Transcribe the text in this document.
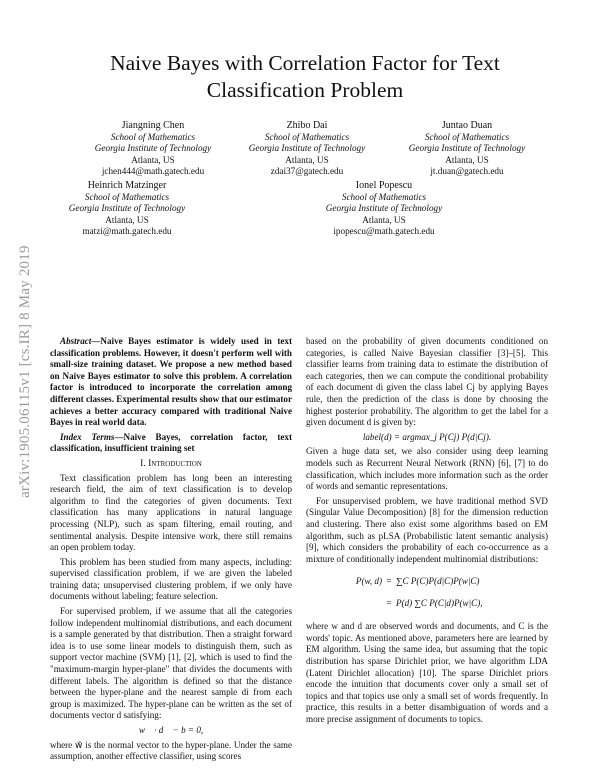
arXiv:1905.06115v1 [cs.IR] 8 May 2019
Naive Bayes with Correlation Factor for Text Classification Problem
Jiangning Chen
School of Mathematics
Georgia Institute of Technology
Atlanta, US
jchen444@math.gatech.edu
Zhibo Dai
School of Mathematics
Georgia Institute of Technology
Atlanta, US
zdai37@gatech.edu
Juntao Duan
School of Mathematics
Georgia Institute of Technology
Atlanta, US
jt.duan@gatech.edu
Heinrich Matzinger
School of Mathematics
Georgia Institute of Technology
Atlanta, US
matzi@math.gatech.edu
Ionel Popescu
School of Mathematics
Georgia Institute of Technology
Atlanta, US
ipopescu@math.gatech.edu

Abstract—Naive Bayes estimator is widely used in text classification problems. However, it doesn't perform well with small-size training dataset. We propose a new method based on Naive Bayes estimator to solve this problem. A correlation factor is introduced to incorporate the correlation among different classes. Experimental results show that our estimator achieves a better accuracy compared with traditional Naive Bayes in real world data.

Index Terms—Naive Bayes, correlation factor, text classification, insufficient training set

I. Introduction

Text classification problem has long been an interesting research field, the aim of text classification is to develop algorithm to find the categories of given documents. Text classification has many applications in natural language processing (NLP), such as spam filtering, email routing, and sentimental analysis. Despite intensive work, there still remains an open problem today.

This problem has been studied from many aspects, including: supervised classification problem, if we are given the labeled training data; unsupervised clustering problem, if we only have documents without labeling; feature selection.

For supervised problem, if we assume that all the categories follow independent multinomial distributions, and each document is a sample generated by that distribution. Then a straight forward idea is to use some linear models to distinguish them, such as support vector machine (SVM) [1], [2], which is used to find the "maximum-margin hyper-plane" that divides the documents with different labels. The algorithm is defined so that the distance between the hyper-plane and the nearest sample di from each group is maximized. The hyper-plane can be written as the set of documents vector d satisfying:

w⃗ · d⃗ − b = 0,

where w⃗ is the normal vector to the hyper-plane. Under the same assumption, another effective classifier, using scores

based on the probability of given documents conditioned on categories, is called Naive Bayesian classifier [3]–[5]. This classifier learns from training data to estimate the distribution of each categories, then we can compute the conditional probability of each document di given the class label Cj by applying Bayes rule, then the prediction of the class is done by choosing the highest posterior probability. The algorithm to get the label for a given document d is given by:

label(d) = argmax_j P(Cj) P(d|Cj).

Given a huge data set, we also consider using deep learning models such as Recurrent Neural Network (RNN) [6], [7] to do classification, which includes more information such as the order of words and semantic representations.

For unsupervised problem, we have traditional method SVD (Singular Value Decomposition) [8] for the dimension reduction and clustering. There also exist some algorithms based on EM algorithm, such as pLSA (Probabilistic latent semantic analysis) [9], which considers the probability of each co-occurrence as a mixture of conditionally independent multinomial distributions:

P(w, d) = ∑C P(C)P(d|C)P(w|C)
= P(d) ∑C P(C|d)P(w|C),

where w and d are observed words and documents, and C is the words' topic. As mentioned above, parameters here are learned by EM algorithm. Using the same idea, but assuming that the topic distribution has sparse Dirichlet prior, we have algorithm LDA (Latent Dirichlet allocation) [10]. The sparse Dirichlet priors encode the intuition that documents cover only a small set of topics and that topics use only a small set of words frequently. In practice, this results in a better disambiguation of words and a more precise assignment of documents to topics.
